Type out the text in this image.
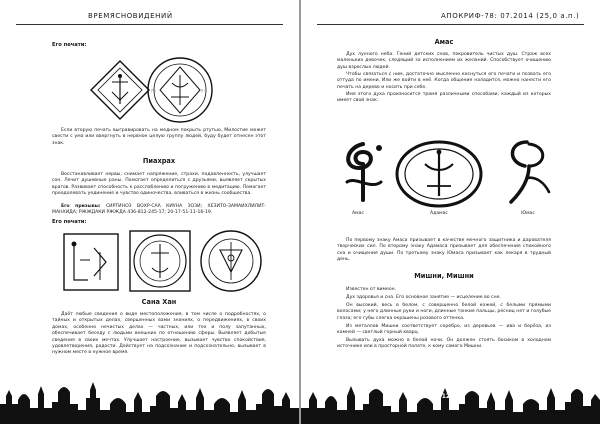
ВРЕМЯСНОВИДЕНИЙ
Его печати:
ᚠᚢ	ᚱᚲ
Если вторую печать выгравировать на медном покрыть ртутью, Милостие может свести с ума или ввергнуть в нервное целую группу людей, буду будет отнесен этот знак.
Пиахрах
Восстанавливает нервы, снимает напряжение, страхи, подавленность, улучшает сон. Лечит душевные раны. Помогает определиться с друзьями, выявляет скрытых врагов. Развивает способность к расслаблению и погружению в медитацию. Помогает преодолевать уединение и чувство одиночества, вливаться в жизнь сообщества.
Его призывы: СИРТИНОЗ ВОХР-САА КИУНА ЗОЗИ; ХЕЗИТО-ЗАМАИХЛИЛИТ-МАНХИДА; РЖЖДАКИ РЖЖДА 436-812-245-17; 20-17-51-11-16-19.
Его печати:
Сана Хан
Даёт любые сведения о виде местоположения, в том числе о подробностях, о тайных и открытых делах, свершенных вами знаниях, о передвижениях, в своих домах, особенно нечистых делах — частных, или тех и полу запутанных, обеспечивает беседу с людьми внешних по отношению сферы. Выявляет добытые сведения в своих мечтах. Улучшает настроение, вызывает чувство спокойствия, удовлетворения, радости. Действует на подсознание и подсознательно, вызывает в нужном месте в нужное время.
120
АПОКРИФ-78: 07.2014 (25,0 а.п.)
Амас
Дух лунного неба. Гений детских снов, покровитель чистых душ. Страж всех маленьких девочек, следящий за исполнением их желаний. Способствует очищению душ взрослых людей.
Чтобы связаться с ним, достаточно мысленно коснуться его печати и позвать его оттуда по имени. Или же войти в неё. Когда общение наладится, можно нанести его печать на дерево и носить при себе.
Имя этого духа произносится тремя различными способами, каждый из которых имеет свой знак:
Амас	Адамас	Юмас
По первому знаку Амаса призывает в качестве мечного защитника и дарователя творческих сил. По второму знаку Адамаса призывает для обеспечения спокойного сна и очищения души. По третьему знаку Юмаса призывает как лекаря в трудный день.
Мишни, Мишни
Известен от вимеон.
Дух здоровья и сна. Его основное занятие — исцеление во сне.
Он высокий, весь в белом, с совершенно белой кожей, с белыми прямыми волосами; у него длинные руки и ноги, длинные тонкие пальцы, ресниц нет и голубые глаза; его губы слегка окрашены розового оттенка.
Из металлов Мишни соответствует серебро, из деревьев — ива и берёза, из камней — светлый горный кварц.
Вызывать духа можно в белой ночи. Он должен стоять босиком в холодном источнике или в просторной палате, к кому самого Мишни.
121
